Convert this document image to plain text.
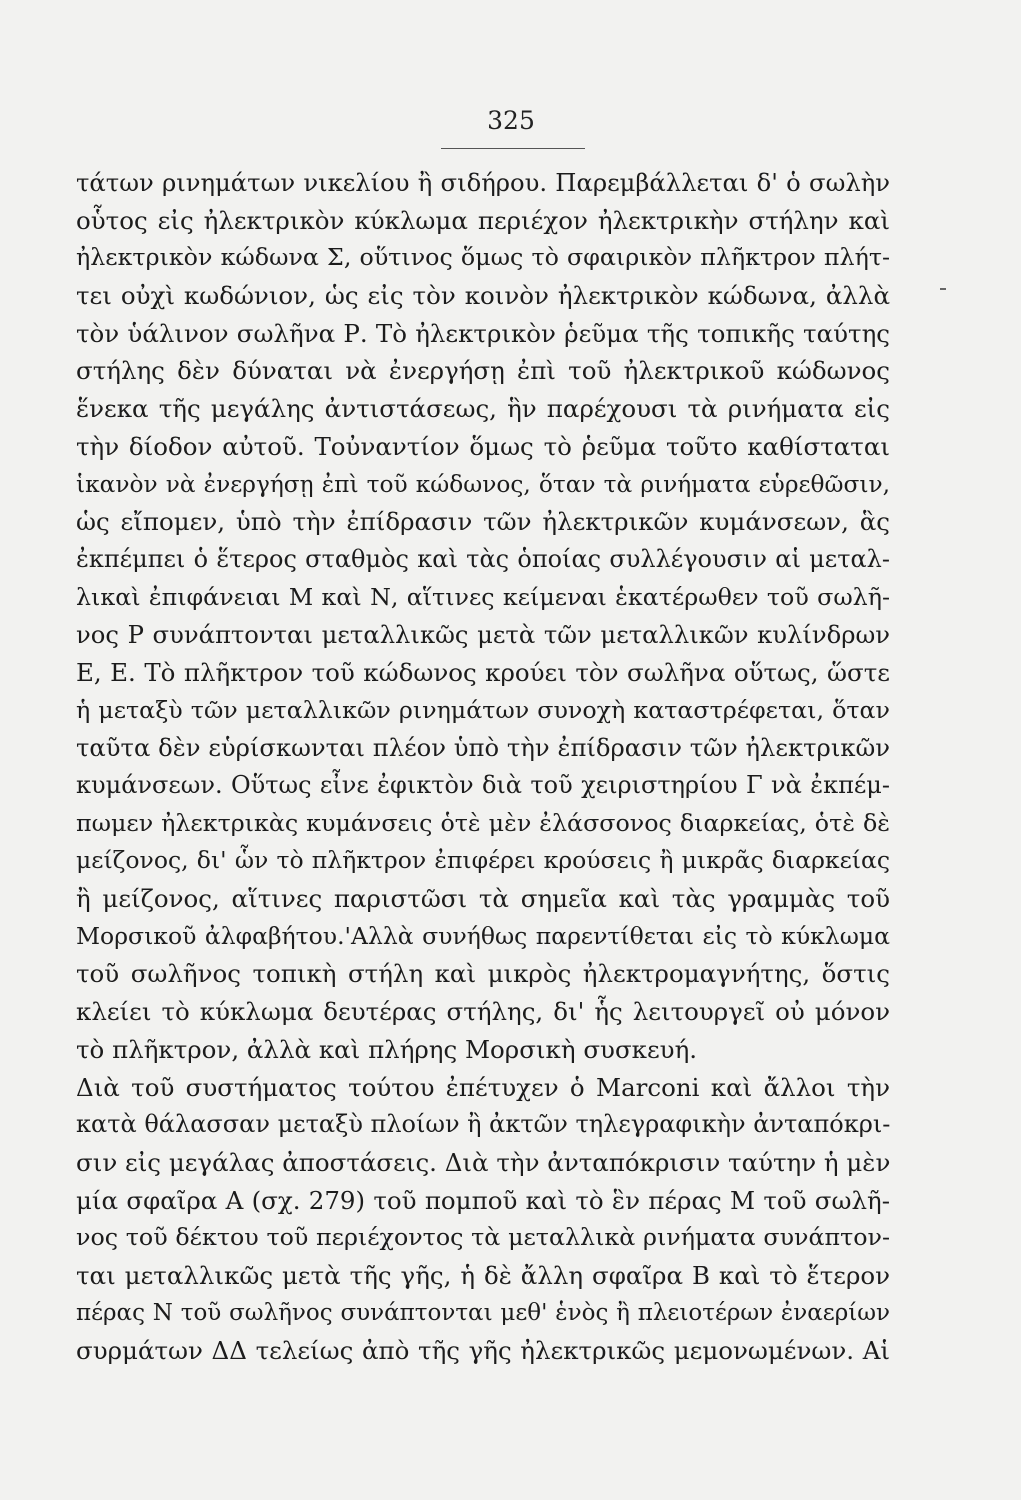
325
τάτων ρινημάτων νικελίου ἢ σιδήρου. Παρεμβάλλεται δ' ὁ σωλὴν
οὗτος εἰς ἠλεκτρικὸν κύκλωμα περιέχον ἠλεκτρικὴν στήλην καὶ
ἠλεκτρικὸν κώδωνα Σ, οὕτινος ὅμως τὸ σφαιρικὸν πλῆκτρον πλήτ-
τει οὐχὶ κωδώνιον, ὡς εἰς τὸν κοινὸν ἠλεκτρικὸν κώδωνα, ἀλλὰ
τὸν ὑάλινον σωλῆνα Ρ. Τὸ ἠλεκτρικὸν ῥεῦμα τῆς τοπικῆς ταύτης
στήλης δὲν δύναται νὰ ἐνεργήσῃ ἐπὶ τοῦ ἠλεκτρικοῦ κώδωνος
ἕνεκα τῆς μεγάλης ἀντιστάσεως, ἣν παρέχουσι τὰ ρινήματα εἰς
τὴν δίοδον αὐτοῦ. Τοὐναντίον ὅμως τὸ ῥεῦμα τοῦτο καθίσταται
ἱκανὸν νὰ ἐνεργήσῃ ἐπὶ τοῦ κώδωνος, ὅταν τὰ ρινήματα εὑρεθῶσιν,
ὡς εἴπομεν, ὑπὸ τὴν ἐπίδρασιν τῶν ἠλεκτρικῶν κυμάνσεων, ἃς
ἐκπέμπει ὁ ἕτερος σταθμὸς καὶ τὰς ὁποίας συλλέγουσιν αἱ μεταλ-
λικαὶ ἐπιφάνειαι Μ καὶ Ν, αἵτινες κείμεναι ἑκατέρωθεν τοῦ σωλῆ-
νος Ρ συνάπτονται μεταλλικῶς μετὰ τῶν μεταλλικῶν κυλίνδρων
Ε, Ε. Τὸ πλῆκτρον τοῦ κώδωνος κρούει τὸν σωλῆνα οὕτως, ὥστε
ἡ μεταξὺ τῶν μεταλλικῶν ρινημάτων συνοχὴ καταστρέφεται, ὅταν
ταῦτα δὲν εὑρίσκωνται πλέον ὑπὸ τὴν ἐπίδρασιν τῶν ἠλεκτρικῶν
κυμάνσεων. Οὕτως εἶνε ἐφικτὸν διὰ τοῦ χειριστηρίου Γ νὰ ἐκπέμ-
πωμεν ἠλεκτρικὰς κυμάνσεις ὁτὲ μὲν ἐλάσσονος διαρκείας, ὁτὲ δὲ
μείζονος, δι' ὧν τὸ πλῆκτρον ἐπιφέρει κρούσεις ἢ μικρᾶς διαρκείας
ἢ μείζονος, αἵτινες παριστῶσι τὰ σημεῖα καὶ τὰς γραμμὰς τοῦ
Μορσικοῦ ἀλφαβήτου.'Αλλὰ συνήθως παρεντίθεται εἰς τὸ κύκλωμα
τοῦ σωλῆνος τοπικὴ στήλη καὶ μικρὸς ἠλεκτρομαγνήτης, ὅστις
κλείει τὸ κύκλωμα δευτέρας στήλης, δι' ἧς λειτουργεῖ οὐ μόνον
τὸ πλῆκτρον, ἀλλὰ καὶ πλήρης Μορσικὴ συσκευή.
Διὰ τοῦ συστήματος τούτου ἐπέτυχεν ὁ Marconi καὶ ἄλλοι τὴν
κατὰ θάλασσαν μεταξὺ πλοίων ἢ ἀκτῶν τηλεγραφικὴν ἀνταπόκρι-
σιν εἰς μεγάλας ἀποστάσεις. Διὰ τὴν ἀνταπόκρισιν ταύτην ἡ μὲν
μία σφαῖρα Α (σχ. 279) τοῦ πομποῦ καὶ τὸ ἓν πέρας Μ τοῦ σωλῆ-
νος τοῦ δέκτου τοῦ περιέχοντος τὰ μεταλλικὰ ρινήματα συνάπτον-
ται μεταλλικῶς μετὰ τῆς γῆς, ἡ δὲ ἄλλη σφαῖρα Β καὶ τὸ ἕτερον
πέρας Ν τοῦ σωλῆνος συνάπτονται μεθ' ἑνὸς ἢ πλειοτέρων ἐναερίων
συρμάτων ΔΔ τελείως ἀπὸ τῆς γῆς ἠλεκτρικῶς μεμονωμένων. Αἱ
